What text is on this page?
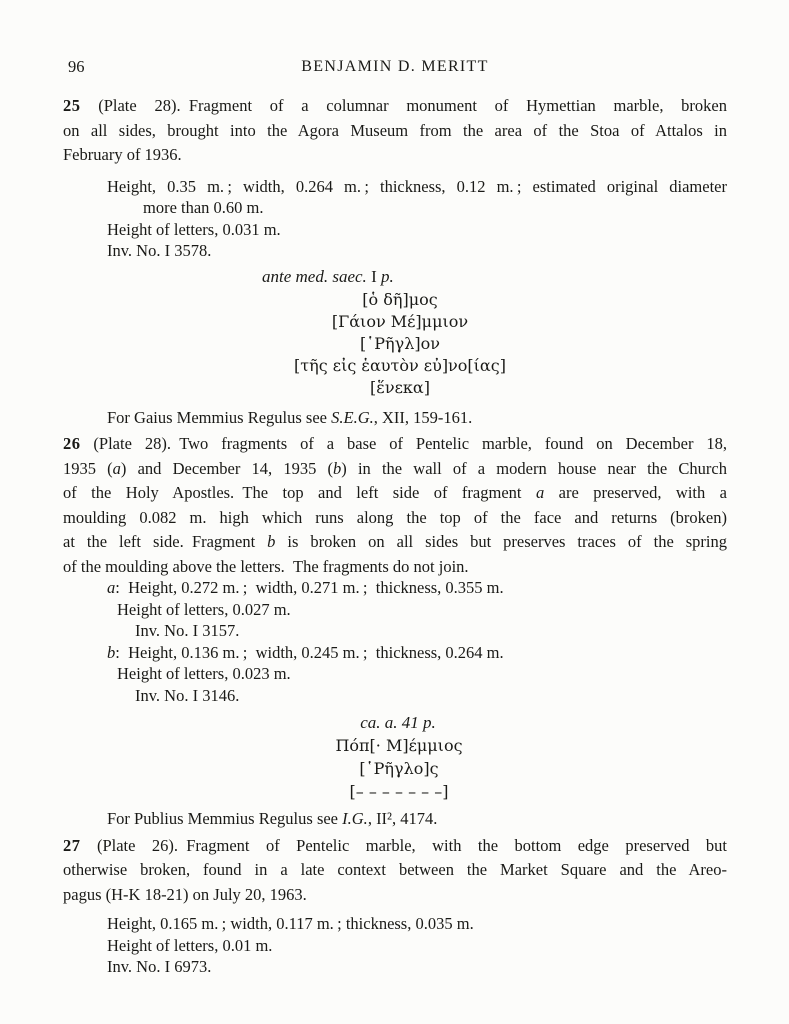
96	BENJAMIN D. MERITT
25 (Plate 28). Fragment of a columnar monument of Hymettian marble, broken
on all sides, brought into the Agora Museum from the area of the Stoa of Attalos in
February of 1936.
Height, 0.35 m. ; width, 0.264 m. ; thickness, 0.12 m. ; estimated original diameter
more than 0.60 m.
Height of letters, 0.031 m.
Inv. No. I 3578.
ante med. saec. I p.
[ὁ δῆ]μος
[Γάιον Μέ]μμιον
[῾Ρῆγλ]ον
[τῆς εἰς ἑαυτὸν εὐ]νο[ίας]
[ἕνεκα]
For Gaius Memmius Regulus see S.E.G., XII, 159-161.
26 (Plate 28). Two fragments of a base of Pentelic marble, found on December 18,
1935 (a) and December 14, 1935 (b) in the wall of a modern house near the Church
of the Holy Apostles. The top and left side of fragment a are preserved, with a
moulding 0.082 m. high which runs along the top of the face and returns (broken)
at the left side. Fragment b is broken on all sides but preserves traces of the spring
of the moulding above the letters. The fragments do not join.
a: Height, 0.272 m. ; width, 0.271 m. ; thickness, 0.355 m.
Height of letters, 0.027 m.
Inv. No. I 3157.
b: Height, 0.136 m. ; width, 0.245 m. ; thickness, 0.264 m.
Height of letters, 0.023 m.
Inv. No. I 3146.
ca. a. 41 p.
Πόπ[· Μ]έμμιος
[῾Ρῆγλο]ς
[– – – – – – –]
For Publius Memmius Regulus see I.G., II², 4174.
27 (Plate 26). Fragment of Pentelic marble, with the bottom edge preserved but
otherwise broken, found in a late context between the Market Square and the Areo-
pagus (H-K 18-21) on July 20, 1963.
Height, 0.165 m. ; width, 0.117 m. ; thickness, 0.035 m.
Height of letters, 0.01 m.
Inv. No. I 6973.
